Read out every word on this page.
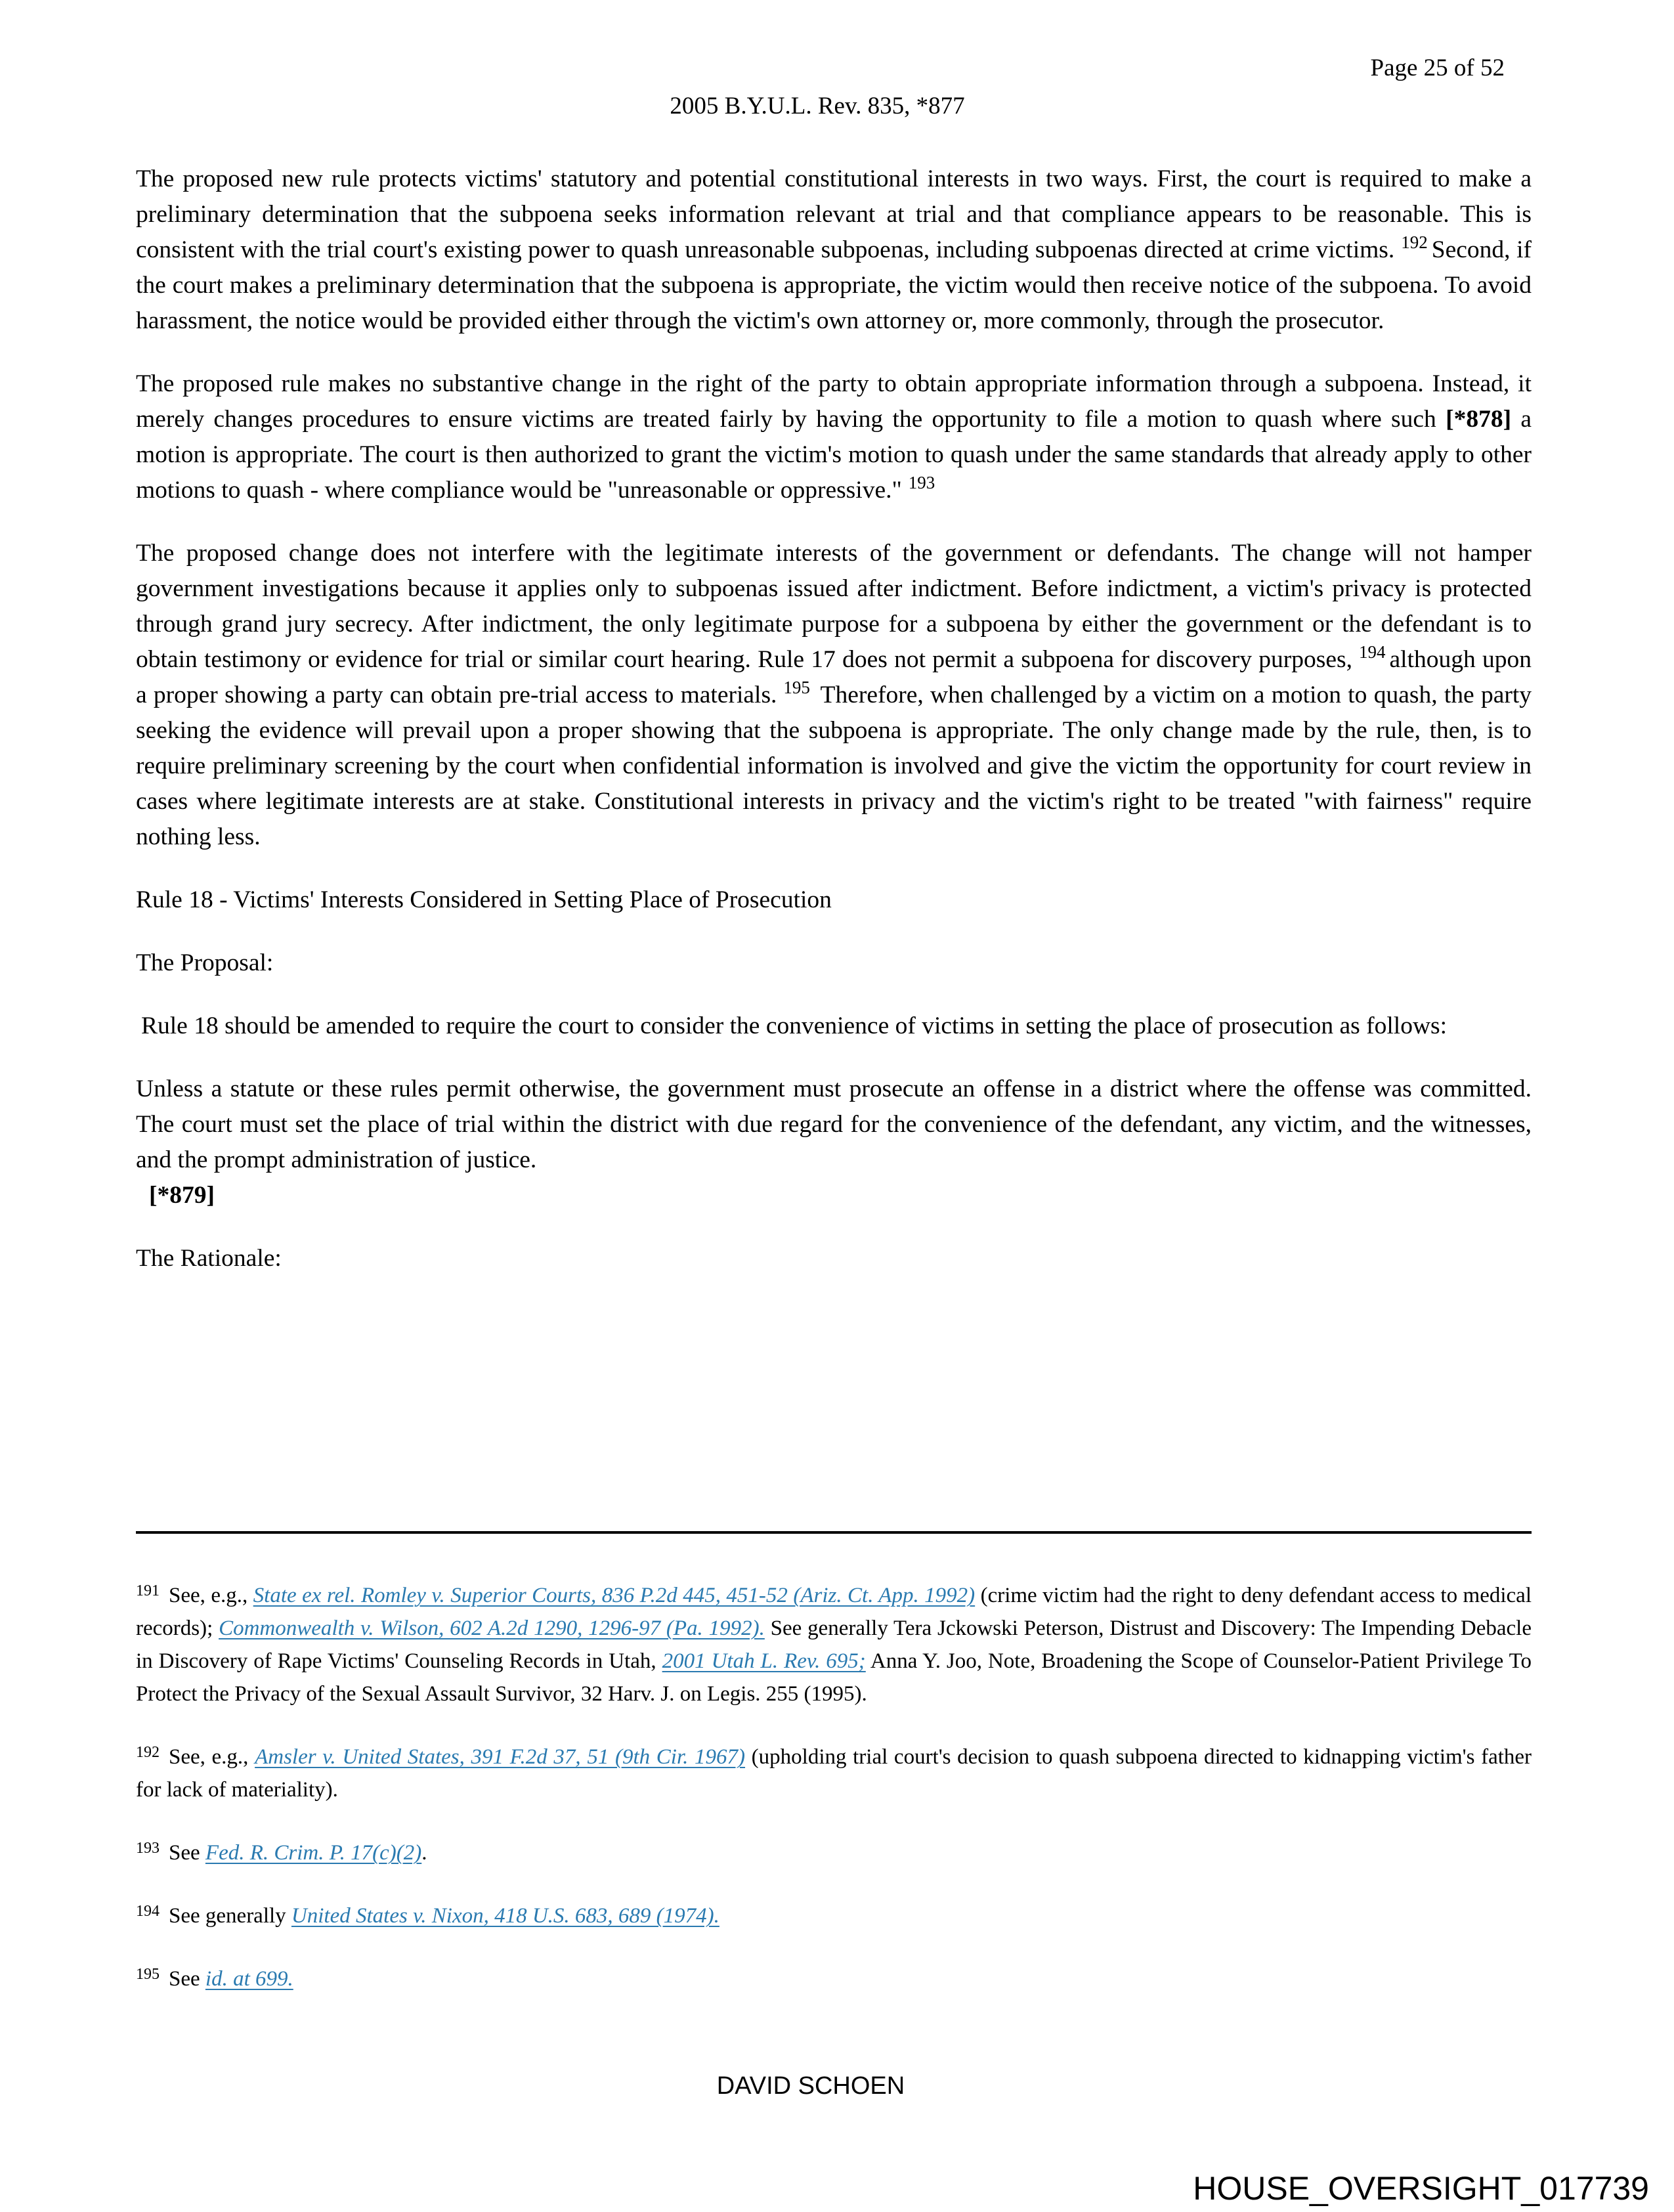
Page 25 of 52
2005 B.Y.U.L. Rev. 835, *877

The proposed new rule protects victims' statutory and potential constitutional interests in two ways. First, the court is required to make a preliminary determination that the subpoena seeks information relevant at trial and that compliance appears to be reasonable. This is consistent with the trial court's existing power to quash unreasonable subpoenas, including subpoenas directed at crime victims. $^{192}$ Second, if the court makes a preliminary determination that the subpoena is appropriate, the victim would then receive notice of the subpoena. To avoid harassment, the notice would be provided either through the victim's own attorney or, more commonly, through the prosecutor.

The proposed rule makes no substantive change in the right of the party to obtain appropriate information through a subpoena. Instead, it merely changes procedures to ensure victims are treated fairly by having the opportunity to file a motion to quash where such [*878] a motion is appropriate. The court is then authorized to grant the victim's motion to quash under the same standards that already apply to other motions to quash - where compliance would be "unreasonable or oppressive." $^{193}$

The proposed change does not interfere with the legitimate interests of the government or defendants. The change will not hamper government investigations because it applies only to subpoenas issued after indictment. Before indictment, a victim's privacy is protected through grand jury secrecy. After indictment, the only legitimate purpose for a subpoena by either the government or the defendant is to obtain testimony or evidence for trial or similar court hearing. Rule 17 does not permit a subpoena for discovery purposes, $^{194}$ although upon a proper showing a party can obtain pre-trial access to materials. $^{195}$ Therefore, when challenged by a victim on a motion to quash, the party seeking the evidence will prevail upon a proper showing that the subpoena is appropriate. The only change made by the rule, then, is to require preliminary screening by the court when confidential information is involved and give the victim the opportunity for court review in cases where legitimate interests are at stake. Constitutional interests in privacy and the victim's right to be treated "with fairness" require nothing less.

Rule 18 - Victims' Interests Considered in Setting Place of Prosecution

The Proposal:

Rule 18 should be amended to require the court to consider the convenience of victims in setting the place of prosecution as follows:

Unless a statute or these rules permit otherwise, the government must prosecute an offense in a district where the offense was committed. The court must set the place of trial within the district with due regard for the convenience of the defendant, any victim, and the witnesses, and the prompt administration of justice.

[*879]

The Rationale:

$^{191}$ See, e.g., State ex rel. Romley v. Superior Courts, 836 P.2d 445, 451-52 (Ariz. Ct. App. 1992) (crime victim had the right to deny defendant access to medical records); Commonwealth v. Wilson, 602 A.2d 1290, 1296-97 (Pa. 1992). See generally Tera Jckowski Peterson, Distrust and Discovery: The Impending Debacle in Discovery of Rape Victims' Counseling Records in Utah, 2001 Utah L. Rev. 695; Anna Y. Joo, Note, Broadening the Scope of Counselor-Patient Privilege To Protect the Privacy of the Sexual Assault Survivor, 32 Harv. J. on Legis. 255 (1995).

$^{192}$ See, e.g., Amsler v. United States, 391 F.2d 37, 51 (9th Cir. 1967) (upholding trial court's decision to quash subpoena directed to kidnapping victim's father for lack of materiality).

$^{193}$ See Fed. R. Crim. P. 17(c)(2).

$^{194}$ See generally United States v. Nixon, 418 U.S. 683, 689 (1974).

$^{195}$ See id. at 699.

DAVID SCHOEN
HOUSE_OVERSIGHT_017739
